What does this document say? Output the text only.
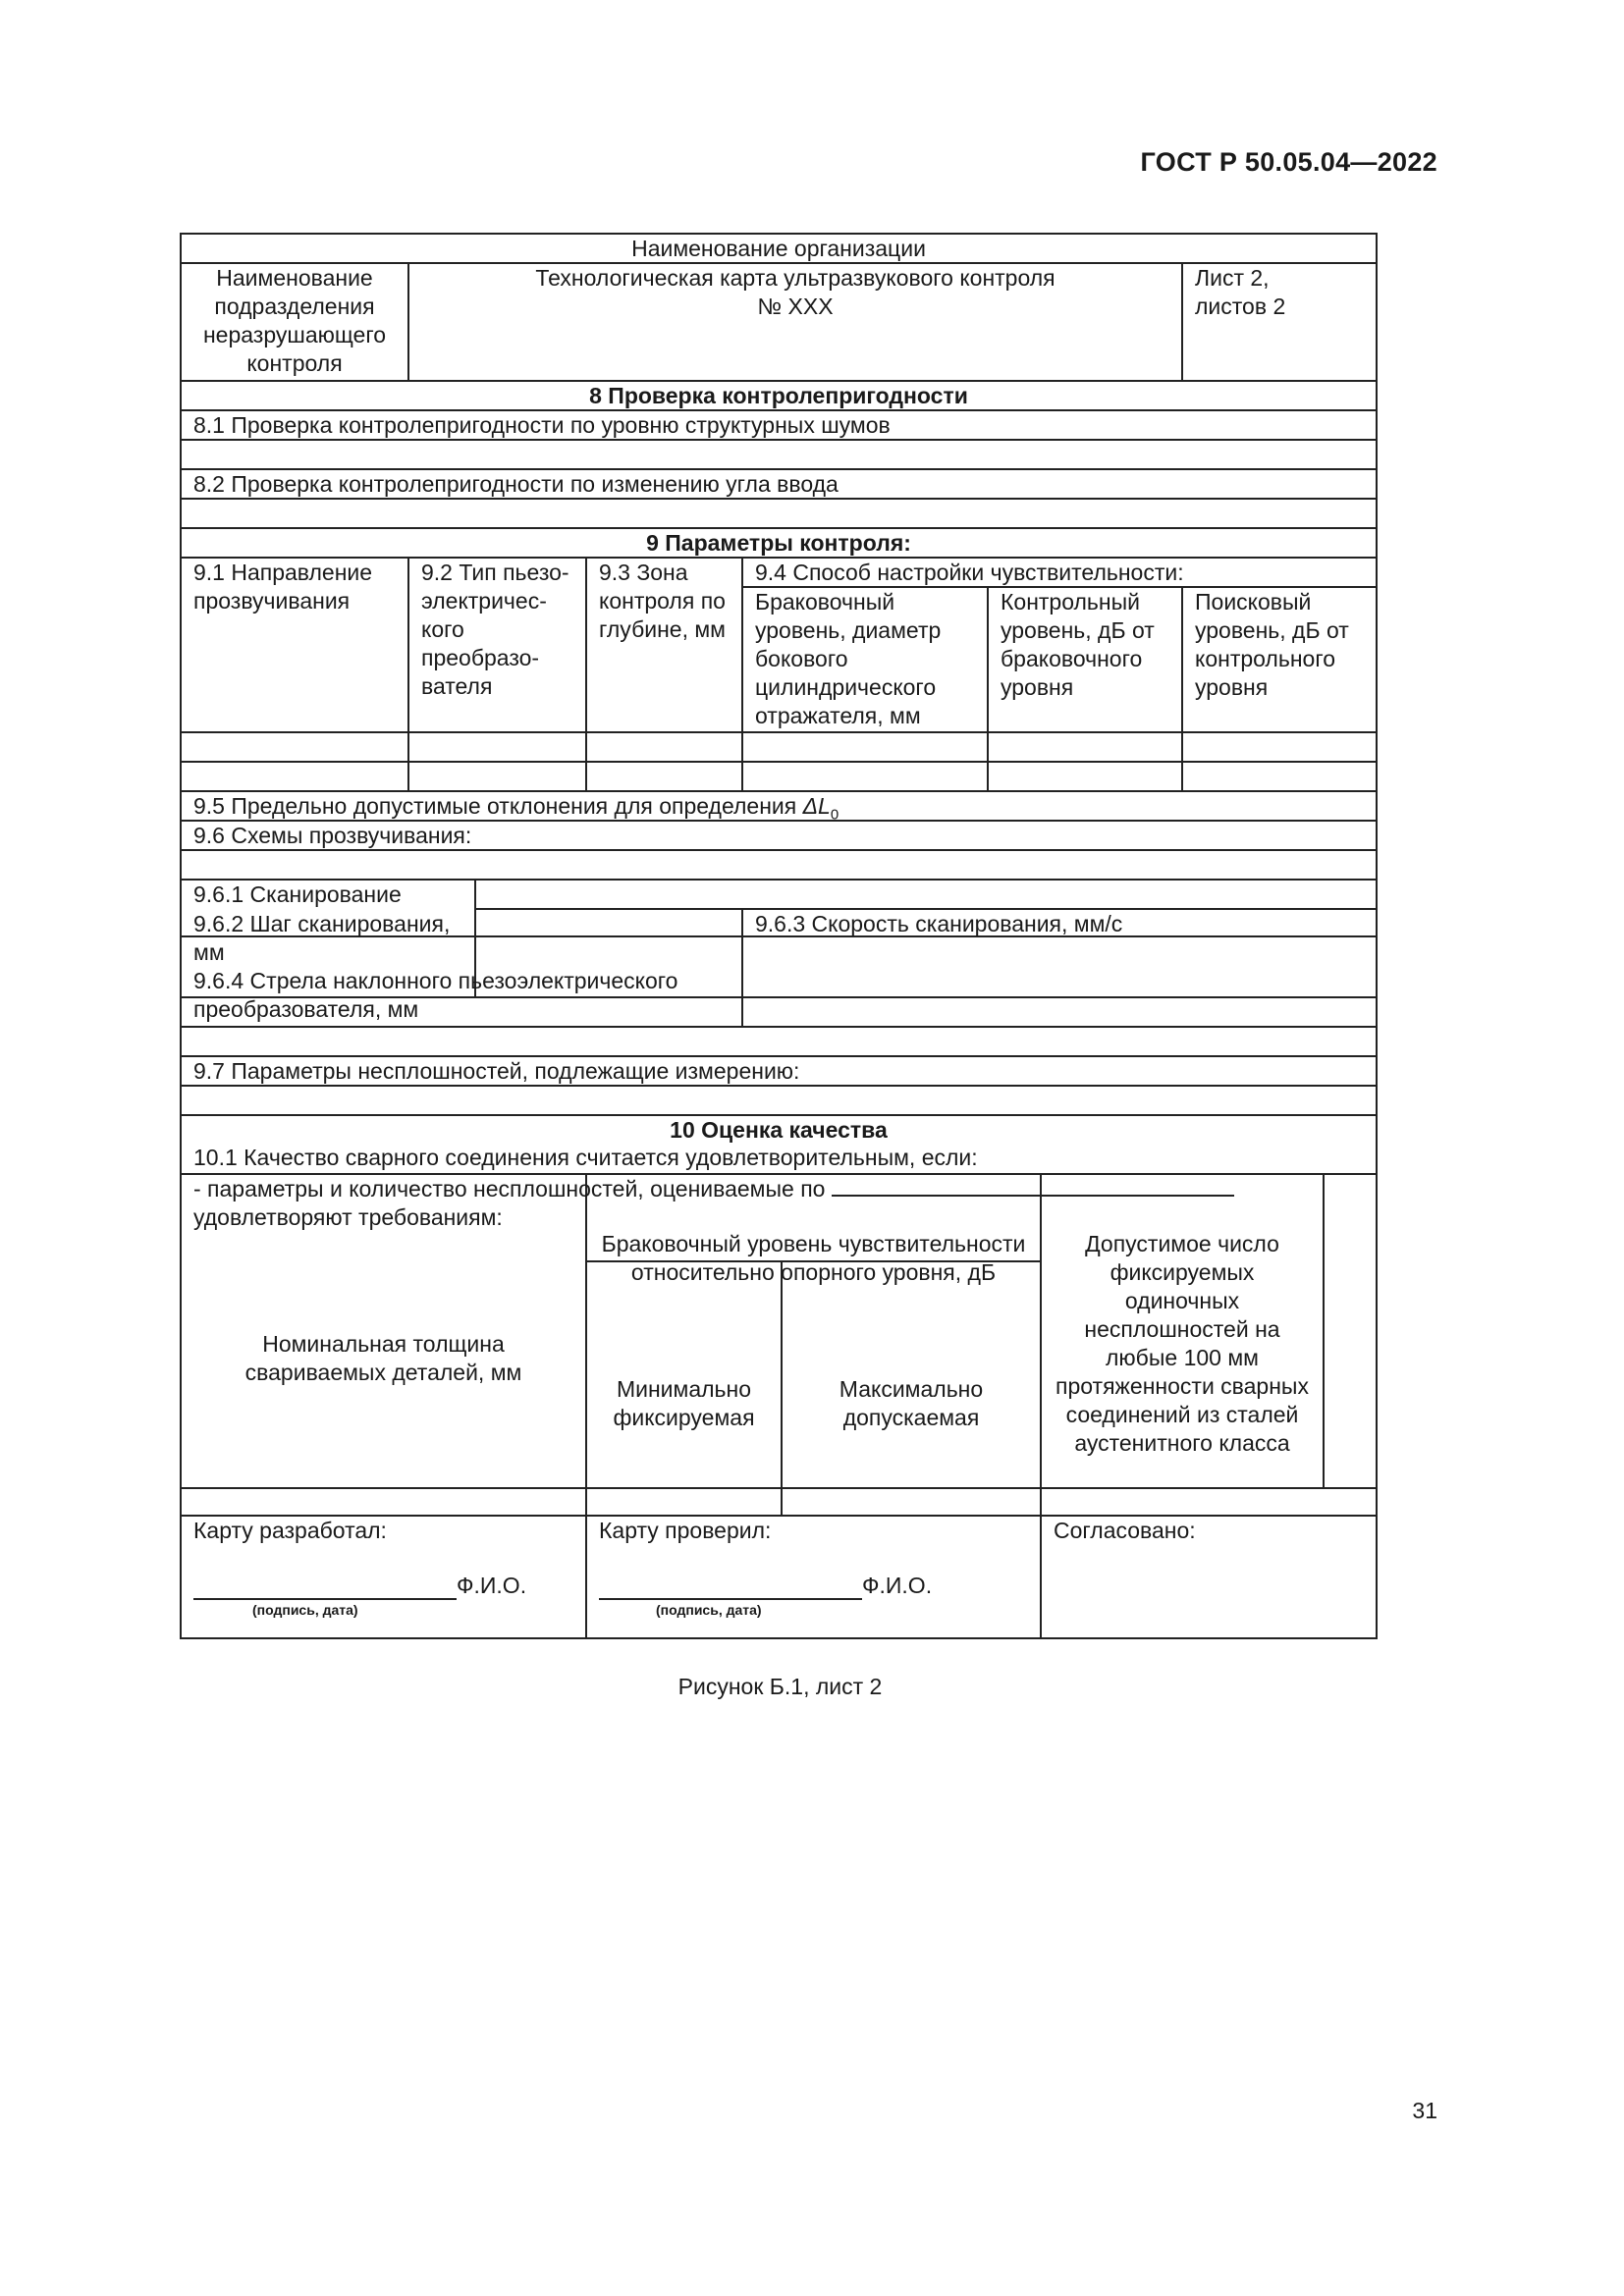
ГОСТ Р 50.05.04—2022
Наименование организации
Наименование подразделения неразрушающего контроля
Технологическая карта ультразвукового контроля
№ XXX
Лист 2,
листов 2
8 Проверка контролепригодности
8.1 Проверка контролепригодности по уровню структурных шумов
8.2 Проверка контролепригодности по изменению угла ввода
9 Параметры контроля:
9.1 Направление прозвучивания
9.2 Тип пьезо-электричес-кого преобразо-вателя
9.3 Зона контроля по глубине, мм
9.4 Способ настройки чувствительности:
Браковочный уровень, диаметр бокового цилиндрического отражателя, мм
Контрольный уровень, дБ от браковочного уровня
Поисковый уровень, дБ от контрольного уровня
9.5 Предельно допустимые отклонения для определения $\Delta L_0$
9.6 Схемы прозвучивания:
9.6.1 Сканирование
9.6.2 Шаг сканирования, мм
9.6.3 Скорость сканирования, мм/с
9.6.4 Стрела наклонного пьезоэлектрического преобразователя, мм
9.7 Параметры несплошностей, подлежащие измерению:
10 Оценка качества
10.1 Качество сварного соединения считается удовлетворительным, если:
- параметры и количество несплошностей, оцениваемые по
удовлетворяют требованиям:
Номинальная толщина свариваемых деталей, мм
Браковочный уровень чувствительности относительно опорного уровня, дБ
Минимально фиксируемая
Максимально допускаемая
Допустимое число фиксируемых одиночных несплошностей на любые 100 мм протяженности сварных соединений из сталей аустенитного класса
Карту разработал:	Карту проверил:	Согласовано:
Ф.И.О.
(подпись, дата)
Ф.И.О.
(подпись, дата)
Рисунок Б.1, лист 2
31
